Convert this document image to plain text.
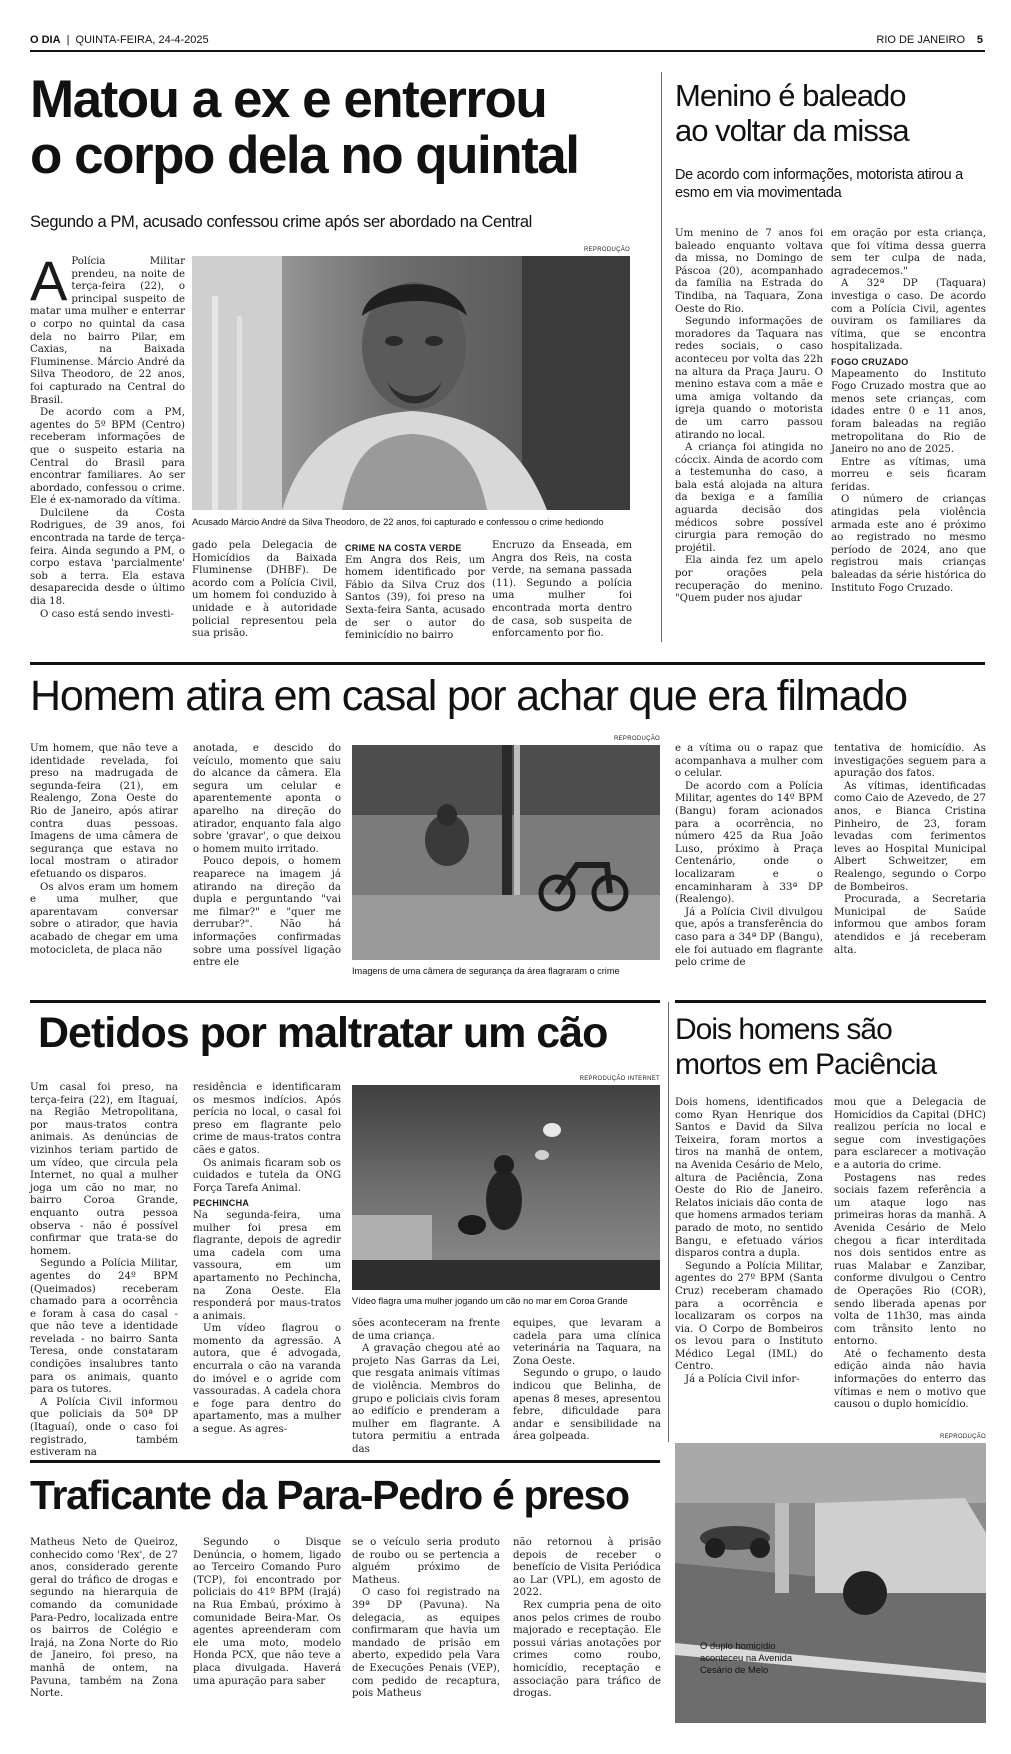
O DIA | QUINTA-FEIRA, 24-4-2025	RIO DE JANEIRO 5
Matou a ex e enterrou
o corpo dela no quintal
Segundo a PM, acusado confessou crime após ser abordado na Central
REPRODUÇÃO
Acusado Márcio André da Silva Theodoro, de 22 anos, foi capturado e confessou o crime hediondo
A Polícia Militar prendeu, na noite de terça-feira (22), o principal suspeito de matar uma mulher e enterrar o corpo no quintal da casa dela no bairro Pilar, em Caxias, na Baixada Fluminense. Márcio André da Silva Theodoro, de 22 anos, foi capturado na Central do Brasil.

De acordo com a PM, agentes do 5º BPM (Centro) receberam informações de que o suspeito estaria na Central do Brasil para encontrar familiares. Ao ser abordado, confessou o crime. Ele é ex-namorado da vítima.

Dulcilene da Costa Rodrigues, de 39 anos, foi encontrada na tarde de terça-feira. Ainda segundo a PM, o corpo estava 'parcialmente' sob a terra. Ela estava desaparecida desde o último dia 18.

O caso está sendo investi-

gado pela Delegacia de Homicídios da Baixada Fluminense (DHBF). De acordo com a Polícia Civil, um homem foi conduzido à unidade e à autoridade policial representou pela sua prisão.

CRIME NA COSTA VERDE

Em Angra dos Reis, um homem identificado por Fábio da Silva Cruz dos Santos (39), foi preso na Sexta-feira Santa, acusado de ser o autor do feminicídio no bairro

Encruzo da Enseada, em Angra dos Reis, na costa verde, na semana passada (11). Segundo a polícia uma mulher foi encontrada morta dentro de casa, sob suspeita de enforcamento por fio.

Menino é baleado
ao voltar da missa
De acordo com informações, motorista atirou a esmo em via movimentada

Um menino de 7 anos foi baleado enquanto voltava da missa, no Domingo de Páscoa (20), acompanhado da família na Estrada do Tindiba, na Taquara, Zona Oeste do Rio.

Segundo informações de moradores da Taquara nas redes sociais, o caso aconteceu por volta das 22h na altura da Praça Jauru. O menino estava com a mãe e uma amiga voltando da igreja quando o motorista de um carro passou atirando no local.

A criança foi atingida no cóccix. Ainda de acordo com a testemunha do caso, a bala está alojada na altura da bexiga e a família aguarda decisão dos médicos sobre possível cirurgia para remoção do projétil.

Ela ainda fez um apelo por orações pela recuperação do menino. "Quem puder nos ajudar

em oração por esta criança, que foi vítima dessa guerra sem ter culpa de nada, agradecemos."

A 32ª DP (Taquara) investiga o caso. De acordo com a Polícia Civil, agentes ouviram os familiares da vítima, que se encontra hospitalizada.

FOGO CRUZADO

Mapeamento do Instituto Fogo Cruzado mostra que ao menos sete crianças, com idades entre 0 e 11 anos, foram baleadas na região metropolitana do Rio de Janeiro no ano de 2025.

Entre as vítimas, uma morreu e seis ficaram feridas.

O número de crianças atingidas pela violência armada este ano é próximo ao registrado no mesmo período de 2024, ano que registrou mais crianças baleadas da série histórica do Instituto Fogo Cruzado.

Homem atira em casal por achar que era filmado

Um homem, que não teve a identidade revelada, foi preso na madrugada de segunda-feira (21), em Realengo, Zona Oeste do Rio de Janeiro, após atirar contra duas pessoas. Imagens de uma câmera de segurança que estava no local mostram o atirador efetuando os disparos.

Os alvos eram um homem e uma mulher, que aparentavam conversar sobre o atirador, que havia acabado de chegar em uma motocicleta, de placa não

anotada, e descido do veículo, momento que saiu do alcance da câmera. Ela segura um celular e aparentemente aponta o aparelho na direção do atirador, enquanto fala algo sobre 'gravar', o que deixou o homem muito irritado.

Pouco depois, o homem reaparece na imagem já atirando na direção da dupla e perguntando "vai me filmar?" e "quer me derrubar?". Não há informações confirmadas sobre uma possível ligação entre ele

REPRODUÇÃO
Imagens de uma câmera de segurança da área flagraram o crime

e a vítima ou o rapaz que acompanhava a mulher com o celular.

De acordo com a Polícia Militar, agentes do 14º BPM (Bangu) foram acionados para a ocorrência, no número 425 da Rua João Luso, próximo à Praça Centenário, onde o localizaram e o encaminharam à 33ª DP (Realengo).

Já a Polícia Civil divulgou que, após a transferência do caso para a 34ª DP (Bangu), ele foi autuado em flagrante pelo crime de

tentativa de homicídio. As investigações seguem para a apuração dos fatos.

As vítimas, identificadas como Caio de Azevedo, de 27 anos, e Bianca Cristina Pinheiro, de 23, foram levadas com ferimentos leves ao Hospital Municipal Albert Schweitzer, em Realengo, segundo o Corpo de Bombeiros.

Procurada, a Secretaria Municipal de Saúde informou que ambos foram atendidos e já receberam alta.

Detidos por maltratar um cão

Um casal foi preso, na terça-feira (22), em Itaguaí, na Região Metropolitana, por maus-tratos contra animais. As denúncias de vizinhos teriam partido de um vídeo, que circula pela Internet, no qual a mulher joga um cão no mar, no bairro Coroa Grande, enquanto outra pessoa observa - não é possível confirmar que trata-se do homem.

Segundo a Polícia Militar, agentes do 24º BPM (Queimados) receberam chamado para a ocorrência e foram à casa do casal - que não teve a identidade revelada - no bairro Santa Teresa, onde constataram condições insalubres tanto para os animais, quanto para os tutores.

A Polícia Civil informou que policiais da 50ª DP (Itaguaí), onde o caso foi registrado, também estiveram na

residência e identificaram os mesmos indícios. Após perícia no local, o casal foi preso em flagrante pelo crime de maus-tratos contra cães e gatos.

Os animais ficaram sob os cuidados e tutela da ONG Força Tarefa Animal.

PECHINCHA

Na segunda-feira, uma mulher foi presa em flagrante, depois de agredir uma cadela com uma vassoura, em um apartamento no Pechincha, na Zona Oeste. Ela responderá por maus-tratos a animais.

Um vídeo flagrou o momento da agressão. A autora, que é advogada, encurrala o cão na varanda do imóvel e o agride com vassouradas. A cadela chora e foge para dentro do apartamento, mas a mulher a segue. As agres-

REPRODUÇÃO INTERNET
Vídeo flagra uma mulher jogando um cão no mar em Coroa Grande

sões aconteceram na frente de uma criança.

A gravação chegou até ao projeto Nas Garras da Lei, que resgata animais vítimas de violência. Membros do grupo e policiais civis foram ao edifício e prenderam a mulher em flagrante. A tutora permitiu a entrada das

equipes, que levaram a cadela para uma clínica veterinária na Taquara, na Zona Oeste.

Segundo o grupo, o laudo indicou que Belinha, de apenas 8 meses, apresentou febre, dificuldade para andar e sensibilidade na área golpeada.

Dois homens são
mortos em Paciência

Dois homens, identificados como Ryan Henrique dos Santos e David da Silva Teixeira, foram mortos a tiros na manhã de ontem, na Avenida Cesário de Melo, altura de Paciência, Zona Oeste do Rio de Janeiro. Relatos iniciais dão conta de que homens armados teriam parado de moto, no sentido Bangu, e efetuado vários disparos contra a dupla.

Segundo a Polícia Militar, agentes do 27º BPM (Santa Cruz) receberam chamado para a ocorrência e localizaram os corpos na via. O Corpo de Bombeiros os levou para o Instituto Médico Legal (IML) do Centro.

Já a Polícia Civil infor-

mou que a Delegacia de Homicídios da Capital (DHC) realizou perícia no local e segue com investigações para esclarecer a motivação e a autoria do crime.

Postagens nas redes sociais fazem referência a um ataque logo nas primeiras horas da manhã. A Avenida Cesário de Melo chegou a ficar interditada nos dois sentidos entre as ruas Malabar e Zanzibar, conforme divulgou o Centro de Operações Rio (COR), sendo liberada apenas por volta de 11h30, mas ainda com trânsito lento no entorno.

Até o fechamento desta edição ainda não havia informações do enterro das vítimas e nem o motivo que causou o duplo homicídio.

REPRODUÇÃO
O duplo homicídio aconteceu na Avenida Cesário de Melo
Traficante da Para-Pedro é preso

Matheus Neto de Queiroz, conhecido como 'Rex', de 27 anos, considerado gerente geral do tráfico de drogas e segundo na hierarquia de comando da comunidade Para-Pedro, localizada entre os bairros de Colégio e Irajá, na Zona Norte do Rio de Janeiro, foi preso, na manhã de ontem, na Pavuna, também na Zona Norte.

Segundo o Disque Denúncia, o homem, ligado ao Terceiro Comando Puro (TCP), foi encontrado por policiais do 41º BPM (Irajá) na Rua Embaú, próximo à comunidade Beira-Mar. Os agentes apreenderam com ele uma moto, modelo Honda PCX, que não teve a placa divulgada. Haverá uma apuração para saber

se o veículo seria produto de roubo ou se pertencia a alguém próximo de Matheus.

O caso foi registrado na 39ª DP (Pavuna). Na delegacia, as equipes confirmaram que havia um mandado de prisão em aberto, expedido pela Vara de Execuções Penais (VEP), com pedido de recaptura, pois Matheus

não retornou à prisão depois de receber o benefício de Visita Periódica ao Lar (VPL), em agosto de 2022.

Rex cumpria pena de oito anos pelos crimes de roubo majorado e receptação. Ele possui várias anotações por crimes como roubo, homicídio, receptação e associação para tráfico de drogas.
